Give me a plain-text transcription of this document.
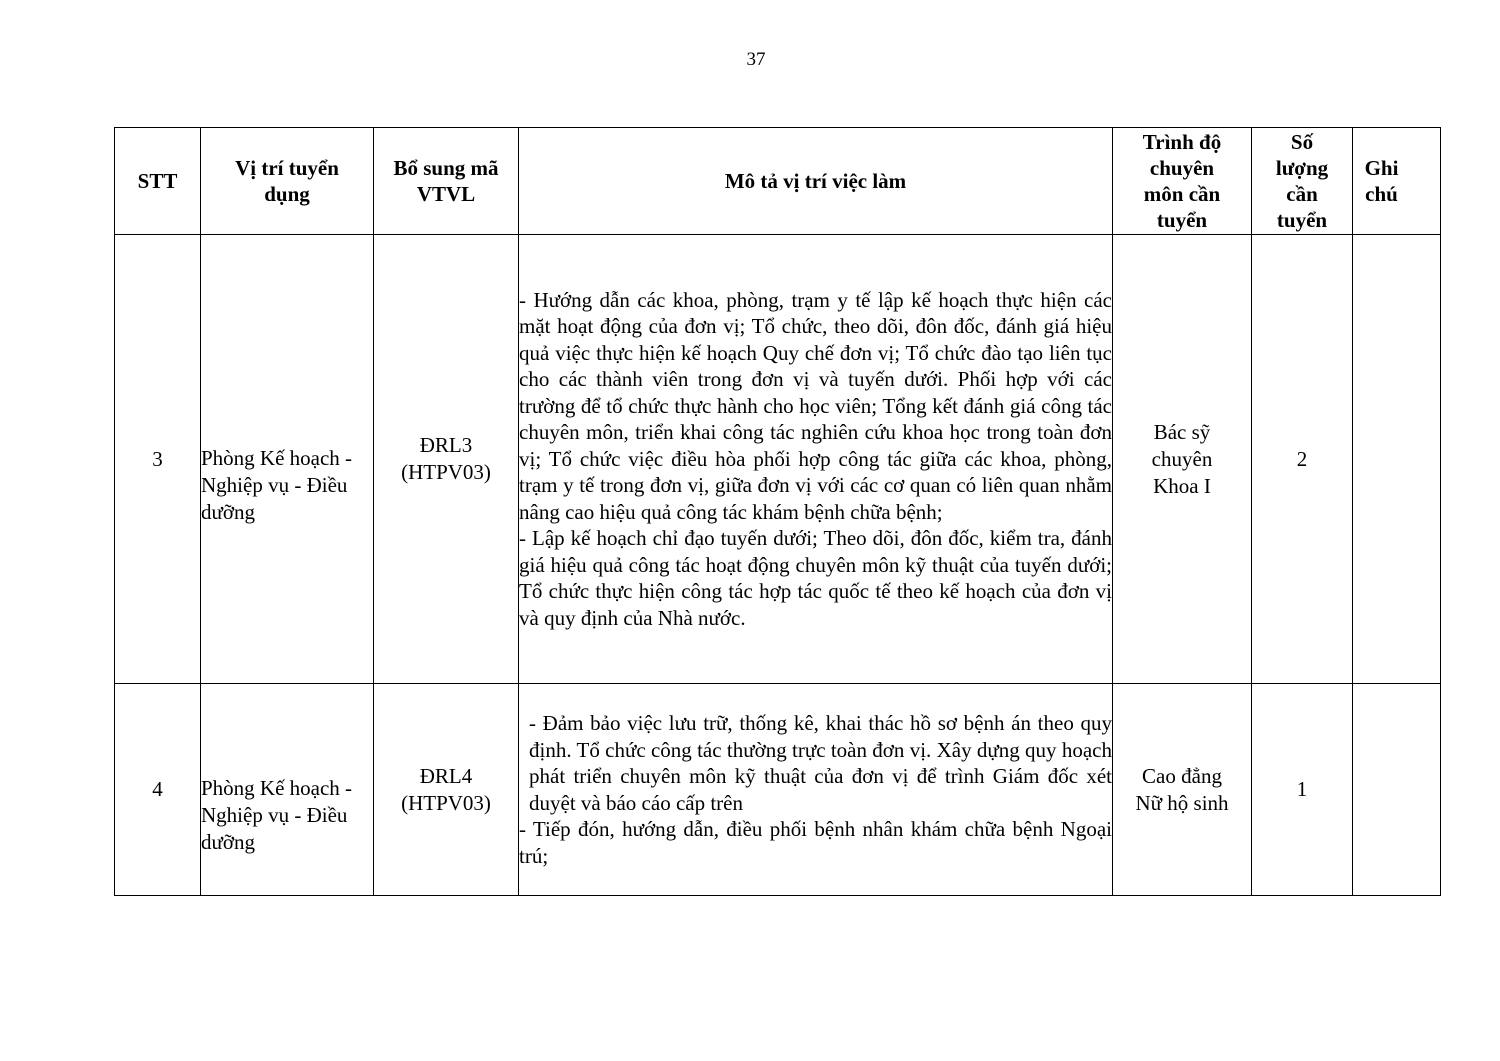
37
STT	Vị trí tuyển dụng	Bổ sung mã VTVL	Mô tả vị trí việc làm	Trình độ chuyên môn cần tuyển	Số lượng cần tuyển	Ghi chú
3	Phòng Kế hoạch - Nghiệp vụ - Điều dưỡng	ĐRL3 (HTPV03)	- Hướng dẫn các khoa, phòng, trạm y tế lập kế hoạch thực hiện các mặt hoạt động của đơn vị; Tổ chức, theo dõi, đôn đốc, đánh giá hiệu quả việc thực hiện kế hoạch Quy chế đơn vị; Tổ chức đào tạo liên tục cho các thành viên trong đơn vị và tuyến dưới. Phối hợp với các trường để tổ chức thực hành cho học viên; Tổng kết đánh giá công tác chuyên môn, triển khai công tác nghiên cứu khoa học trong toàn đơn vị; Tổ chức việc điều hòa phối hợp công tác giữa các khoa, phòng, trạm y tế trong đơn vị, giữa đơn vị với các cơ quan có liên quan nhằm nâng cao hiệu quả công tác khám bệnh chữa bệnh;
- Lập kế hoạch chỉ đạo tuyến dưới; Theo dõi, đôn đốc, kiểm tra, đánh giá hiệu quả công tác hoạt động chuyên môn kỹ thuật của tuyến dưới; Tổ chức thực hiện công tác hợp tác quốc tế theo kế hoạch của đơn vị và quy định của Nhà nước.	Bác sỹ chuyên Khoa I	2	
4	Phòng Kế hoạch - Nghiệp vụ - Điều dưỡng	ĐRL4 (HTPV03)	- Đảm bảo việc lưu trữ, thống kê, khai thác hồ sơ bệnh án theo quy định. Tổ chức công tác thường trực toàn đơn vị. Xây dựng quy hoạch phát triển chuyên môn kỹ thuật của đơn vị để trình Giám đốc xét duyệt và báo cáo cấp trên
- Tiếp đón, hướng dẫn, điều phối bệnh nhân khám chữa bệnh Ngoại trú;	Cao đẳng Nữ hộ sinh	1	
